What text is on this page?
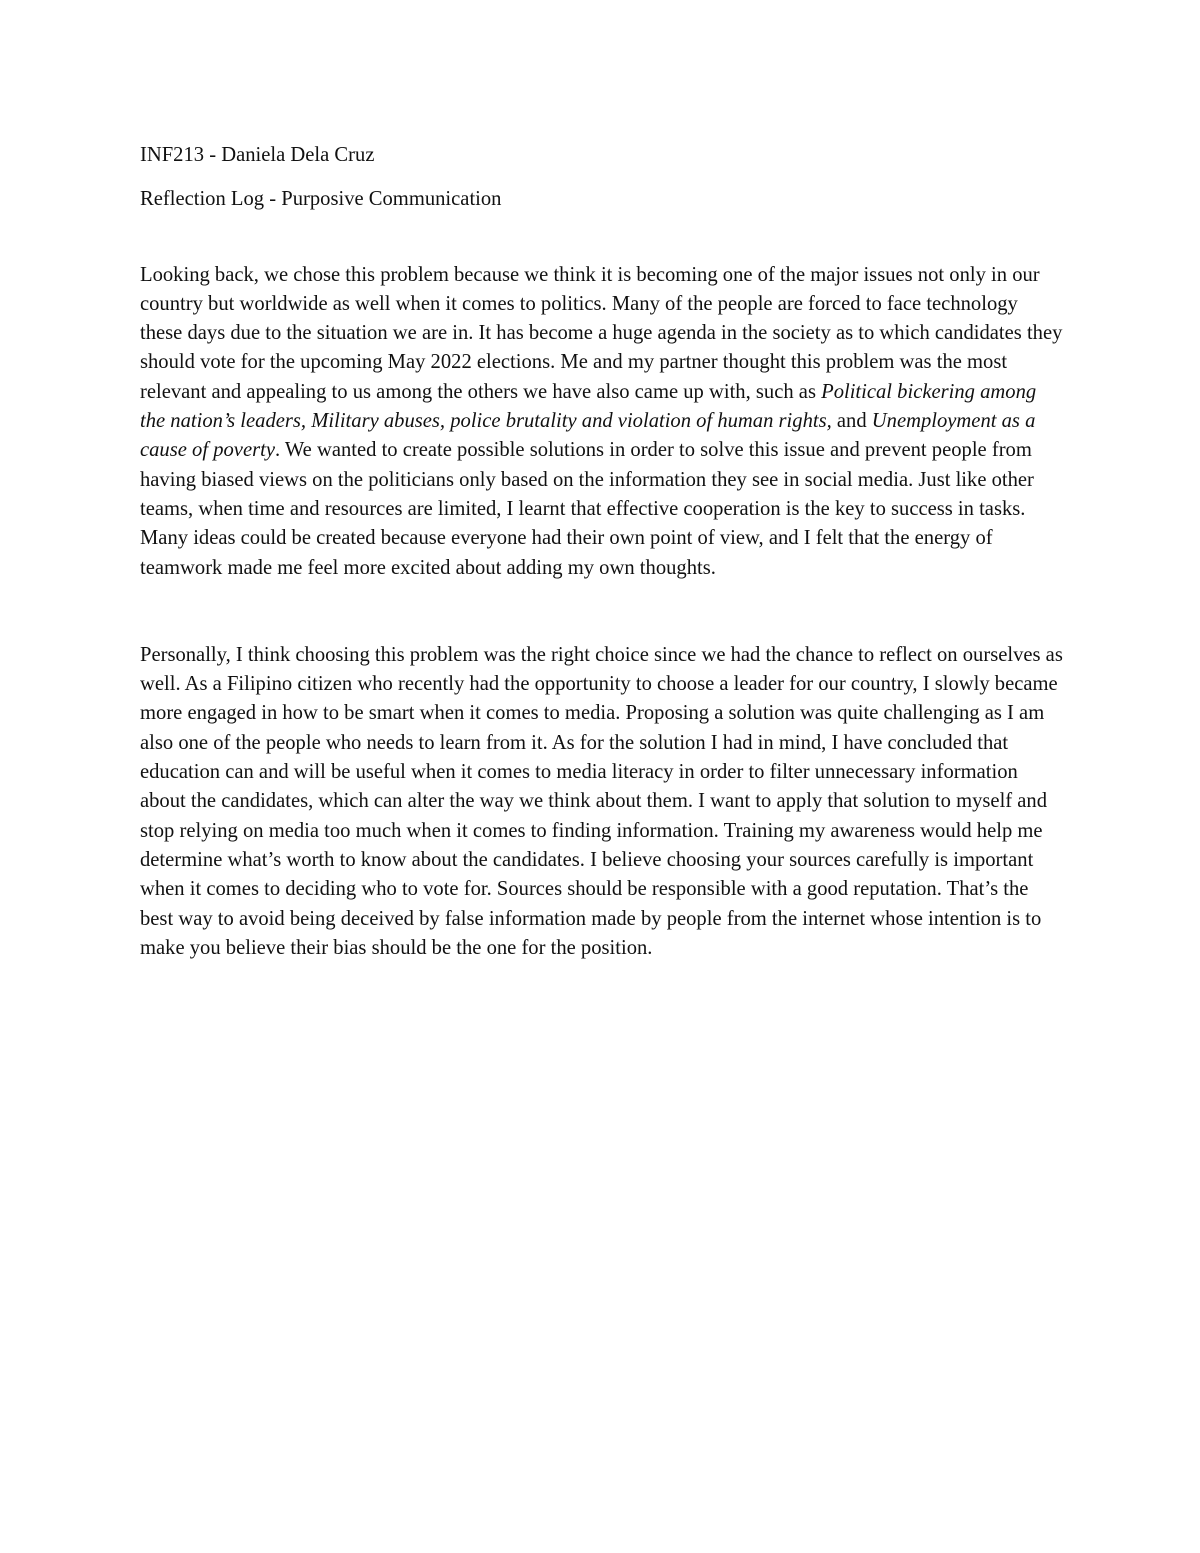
INF213 - Daniela Dela Cruz

Reflection Log - Purposive Communication

Looking back, we chose this problem because we think it is becoming one of the major issues not only in our country but worldwide as well when it comes to politics. Many of the people are forced to face technology these days due to the situation we are in. It has become a huge agenda in the society as to which candidates they should vote for the upcoming May 2022 elections. Me and my partner thought this problem was the most relevant and appealing to us among the others we have also came up with, such as Political bickering among the nation’s leaders, Military abuses, police brutality and violation of human rights, and Unemployment as a cause of poverty. We wanted to create possible solutions in order to solve this issue and prevent people from having biased views on the politicians only based on the information they see in social media. Just like other teams, when time and resources are limited, I learnt that effective cooperation is the key to success in tasks. Many ideas could be created because everyone had their own point of view, and I felt that the energy of teamwork made me feel more excited about adding my own thoughts.

Personally, I think choosing this problem was the right choice since we had the chance to reflect on ourselves as well. As a Filipino citizen who recently had the opportunity to choose a leader for our country, I slowly became more engaged in how to be smart when it comes to media. Proposing a solution was quite challenging as I am also one of the people who needs to learn from it. As for the solution I had in mind, I have concluded that education can and will be useful when it comes to media literacy in order to filter unnecessary information about the candidates, which can alter the way we think about them. I want to apply that solution to myself and stop relying on media too much when it comes to finding information. Training my awareness would help me determine what’s worth to know about the candidates. I believe choosing your sources carefully is important when it comes to deciding who to vote for. Sources should be responsible with a good reputation. That’s the best way to avoid being deceived by false information made by people from the internet whose intention is to make you believe their bias should be the one for the position.
